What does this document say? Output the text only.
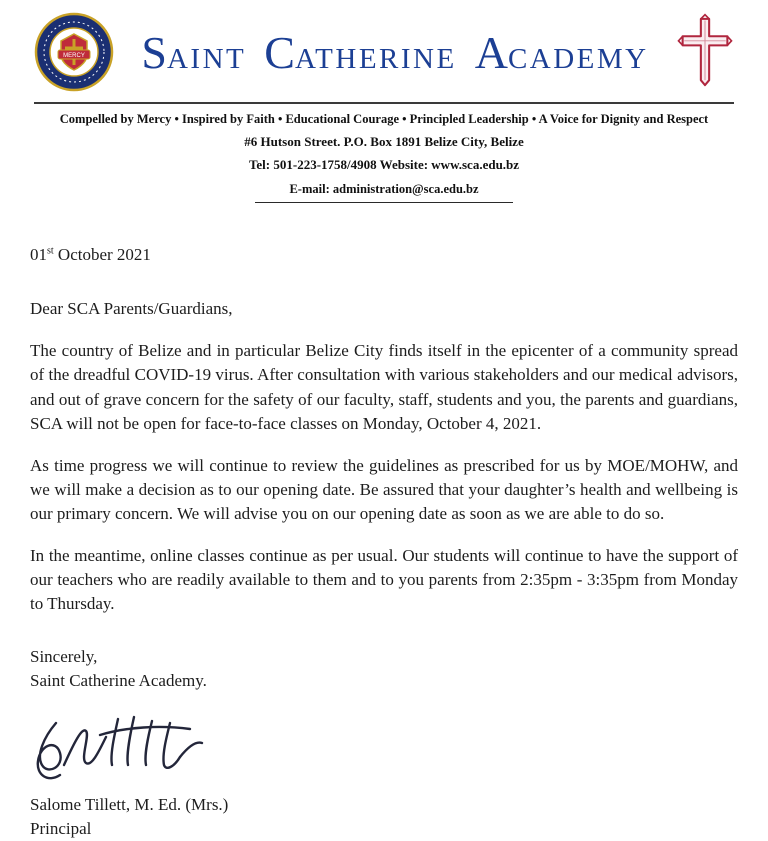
MERCY	SAINT CATHERINE ACADEMY
Compelled by Mercy • Inspired by Faith • Educational Courage • Principled Leadership • A Voice for Dignity and Respect
#6 Hutson Street. P.O. Box 1891 Belize City, Belize
Tel: 501-223-1758/4908 Website: www.sca.edu.bz
E-mail: administration@sca.edu.bz
01st October 2021
Dear SCA Parents/Guardians,

The country of Belize and in particular Belize City finds itself in the epicenter of a community spread of the dreadful COVID-19 virus. After consultation with various stakeholders and our medical advisors, and out of grave concern for the safety of our faculty, staff, students and you, the parents and guardians, SCA will not be open for face-to-face classes on Monday, October 4, 2021.

As time progress we will continue to review the guidelines as prescribed for us by MOE/MOHW, and we will make a decision as to our opening date. Be assured that your daughter’s health and wellbeing is our primary concern. We will advise you on our opening date as soon as we are able to do so.

In the meantime, online classes continue as per usual. Our students will continue to have the support of our teachers who are readily available to them and to you parents from 2:35pm - 3:35pm from Monday to Thursday.

Sincerely,
Saint Catherine Academy.
Salome Tillett, M. Ed. (Mrs.)
Principal
